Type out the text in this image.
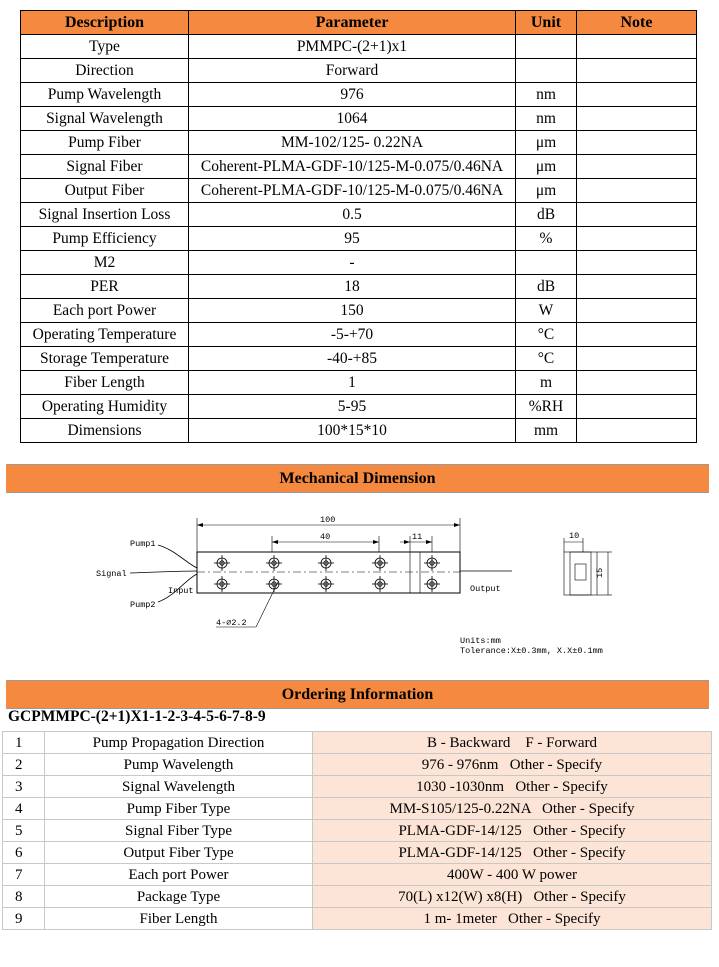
Description	Parameter	Unit	Note
Type	PMMPC-(2+1)x1		
Direction	Forward		
Pump Wavelength	976	nm	
Signal Wavelength	1064	nm	
Pump Fiber	MM-102/125- 0.22NA	μm	
Signal Fiber	Coherent-PLMA-GDF-10/125-M-0.075/0.46NA	μm	
Output Fiber	Coherent-PLMA-GDF-10/125-M-0.075/0.46NA	μm	
Signal Insertion Loss	0.5	dB	
Pump Efficiency	95	%	
M2	-		
PER	18	dB	
Each port Power	150	W	
Operating Temperature	-5-+70	°C	
Storage Temperature	-40-+85	°C	
Fiber Length	1	m	
Operating Humidity	5-95	%RH	
Dimensions	100*15*10	mm	
Mechanical Dimension
Pump1
Signal
Pump2
Input	Output
100
40	11
4-⌀2.2
10
15
Units:mm
Tolerance:X±0.3mm, X.X±0.1mm
Ordering Information
GCPMMPC-(2+1)X1-1-2-3-4-5-6-7-8-9
1	Pump Propagation Direction	B - Backward    F - Forward
2	Pump Wavelength	976 - 976nm   Other - Specify
3	Signal Wavelength	1030 -1030nm   Other - Specify
4	Pump Fiber Type	MM-S105/125-0.22NA   Other - Specify
5	Signal Fiber Type	PLMA-GDF-14/125   Other - Specify
6	Output Fiber Type	PLMA-GDF-14/125   Other - Specify
7	Each port Power	400W - 400 W power
8	Package Type	70(L) x12(W) x8(H)   Other - Specify
9	Fiber Length	1 m- 1meter   Other - Specify
